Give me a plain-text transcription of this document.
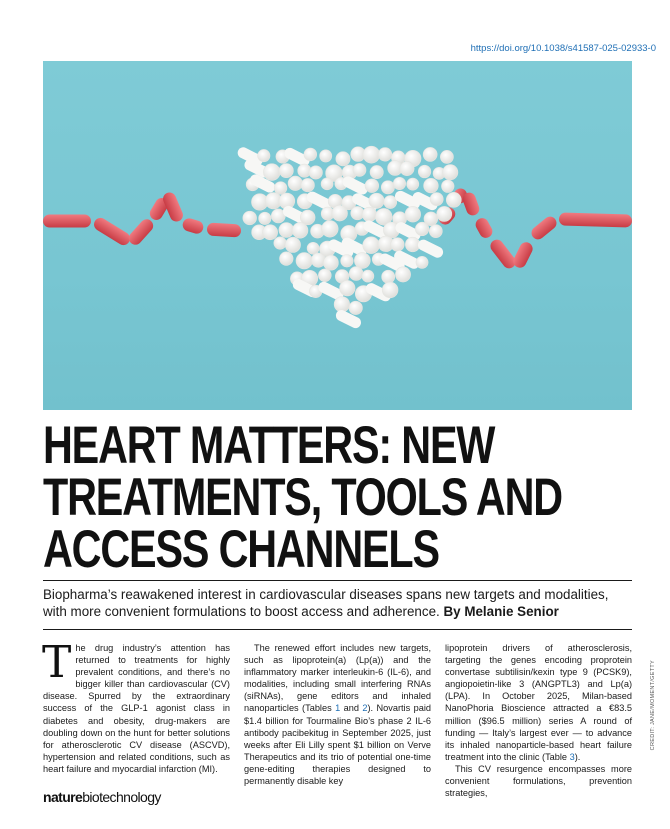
https://doi.org/10.1038/s41587-025-02933-0
HEART MATTERS: NEW
TREATMENTS, TOOLS AND
ACCESS CHANNELS
Biopharma’s reawakened interest in cardiovascular diseases spans new targets and modalities, with more convenient formulations to boost access and adherence. By Melanie Senior

The drug industry’s attention has returned to treatments for highly prevalent conditions, and there’s no bigger killer than cardiovascular (CV) disease. Spurred by the extraordinary success of the GLP-1 agonist class in diabetes and obesity, drug-makers are doubling down on the hunt for better solutions for atherosclerotic CV disease (ASCVD), hypertension and related conditions, such as heart failure and myocardial infarction (MI).

The renewed effort includes new targets, such as lipoprotein(a) (Lp(a)) and the inflammatory marker interleukin-6 (IL-6), and modalities, including small interfering RNAs (siRNAs), gene editors and inhaled nanoparticles (Tables 1 and 2). Novartis paid $1.4 billion for Tourmaline Bio’s phase 2 IL-6 antibody pacibekitug in September 2025, just weeks after Eli Lilly spent $1 billion on Verve Therapeutics and its trio of potential one-time gene-editing therapies designed to permanently disable key

lipoprotein drivers of atherosclerosis, targeting the genes encoding proprotein convertase subtilisin/kexin type 9 (PCSK9), angiopoietin-like 3 (ANGPTL3) and Lp(a) (LPA). In October 2025, Milan-based NanoPhoria Bioscience attracted a €83.5 million ($96.5 million) series A round of funding — Italy’s largest ever — to advance its inhaled nanoparticle-based heart failure treatment into the clinic (Table 3).

This CV resurgence encompasses more convenient formulations, prevention strategies,

naturebiotechnology
CREDIT: JANE/MOMENT/GETTY
